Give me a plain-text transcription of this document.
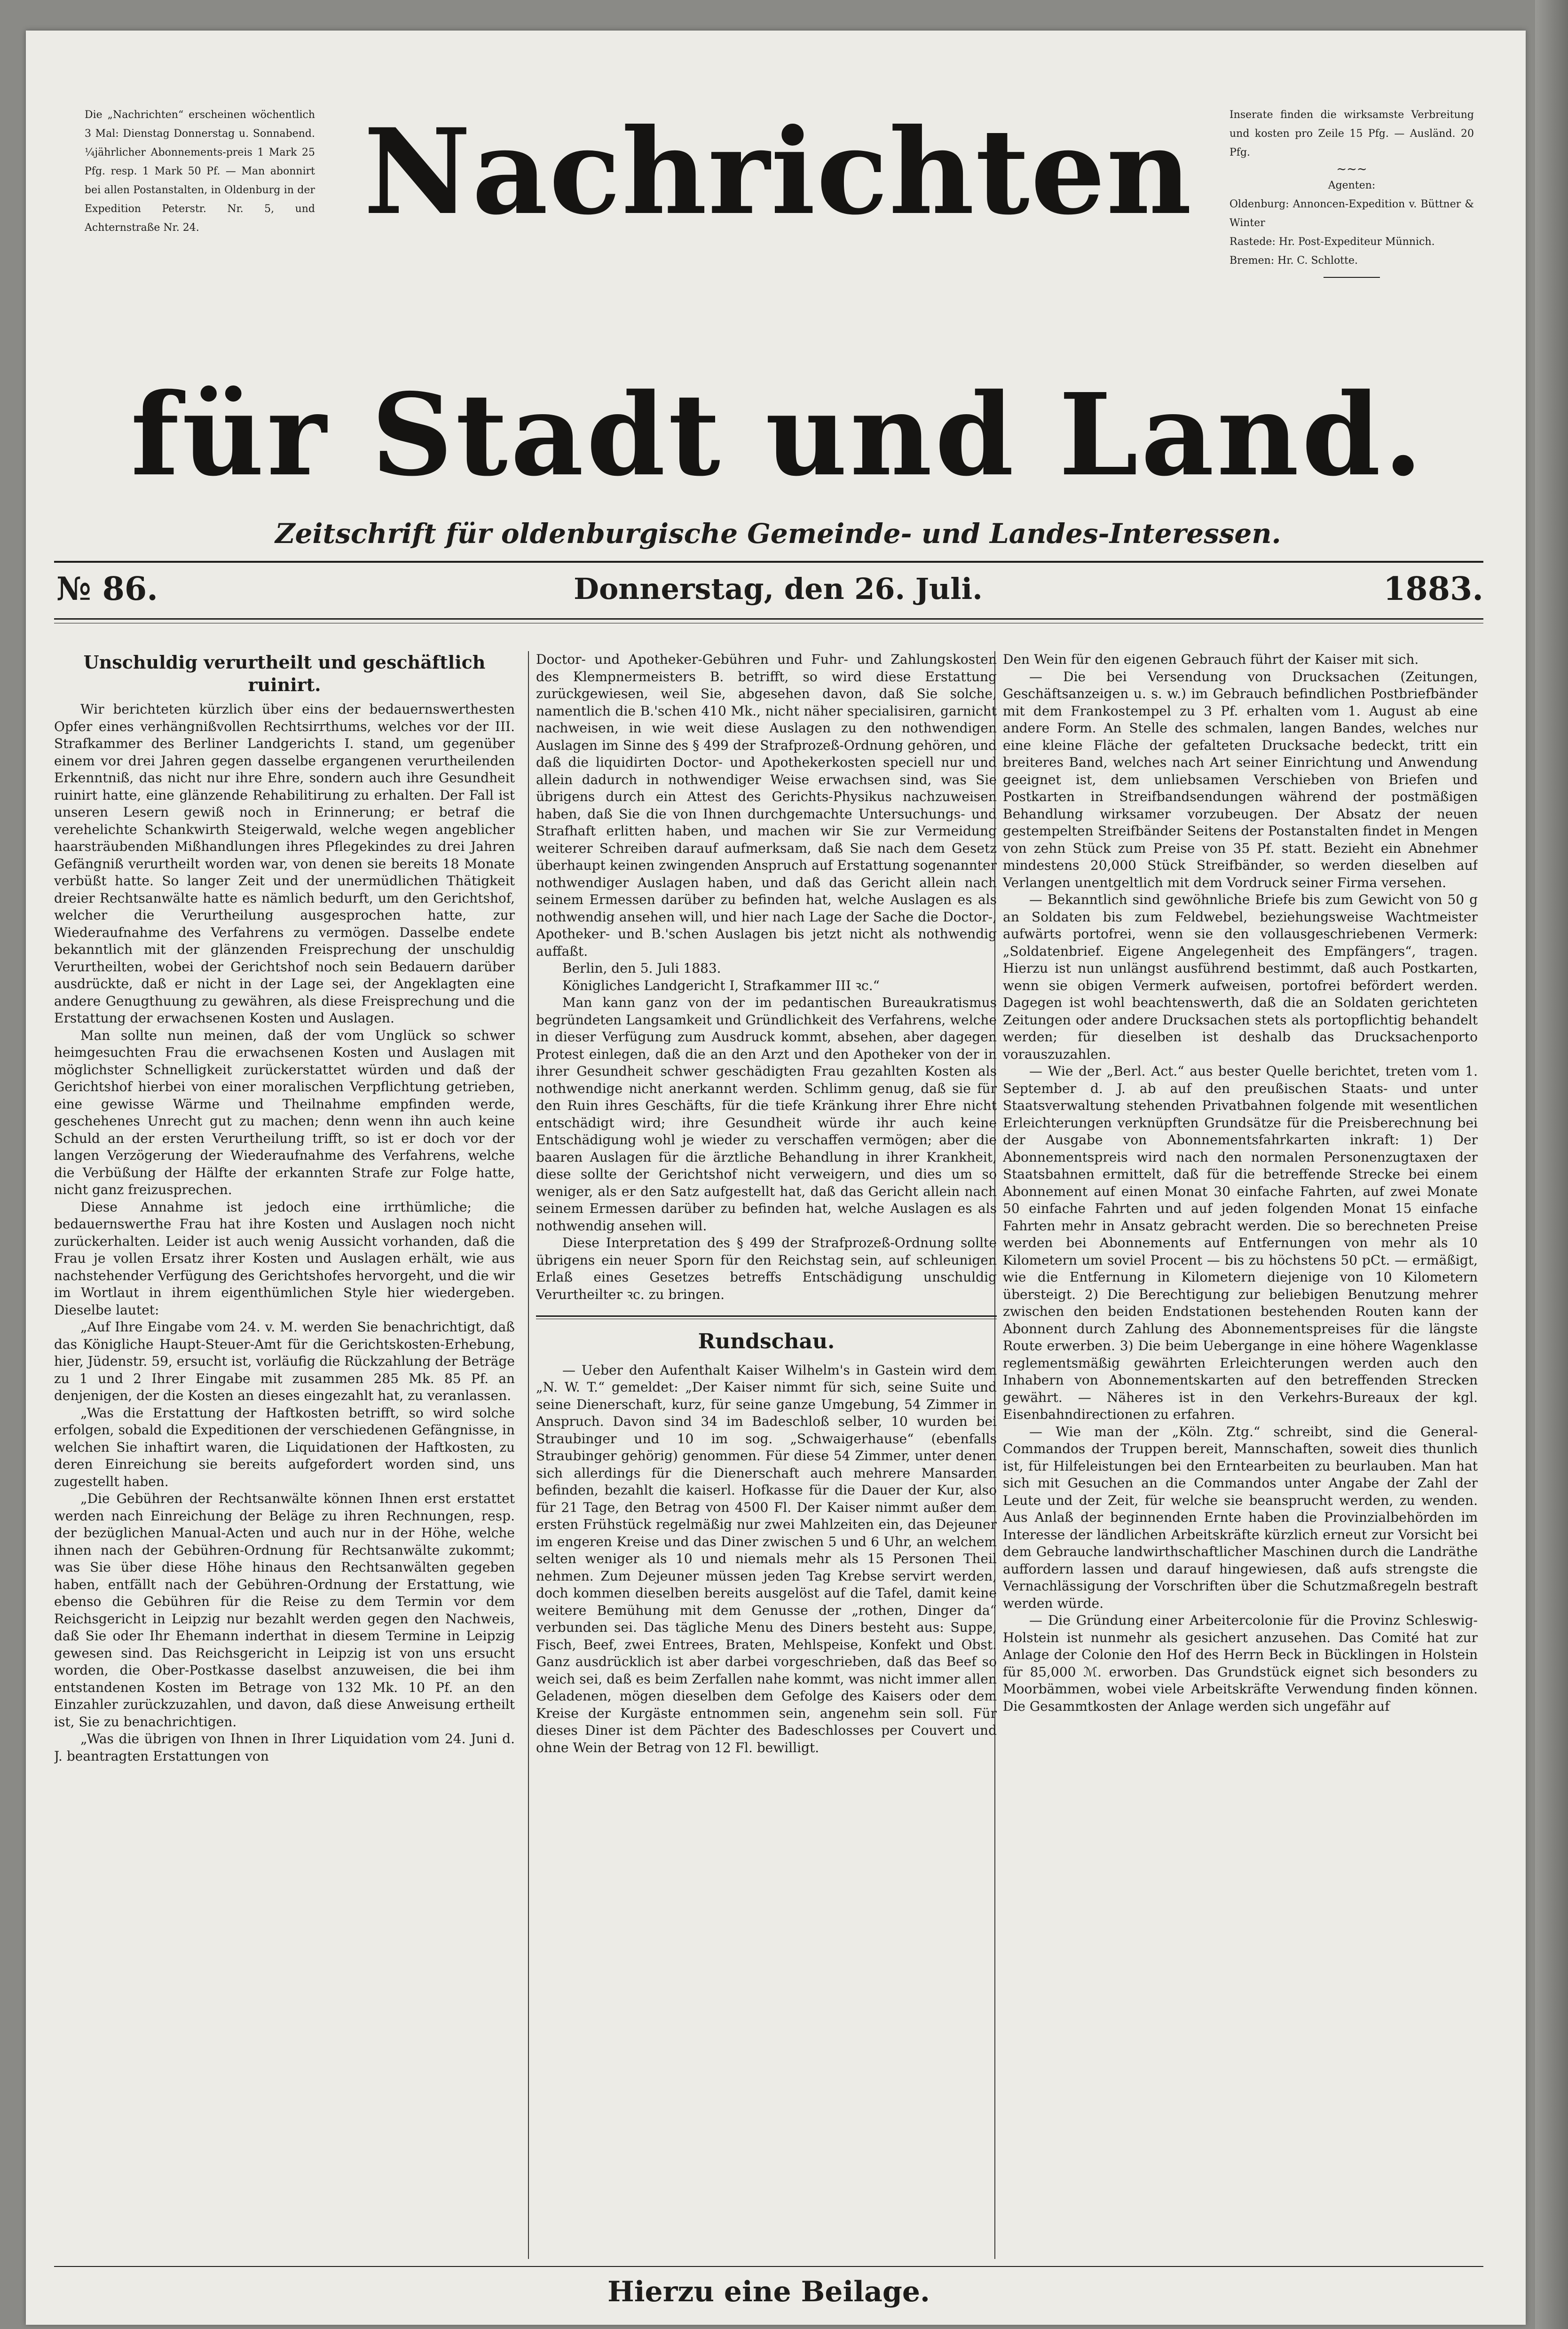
Die „Nachrichten“ erscheinen wöchentlich 3 Mal: Dienstag Donnerstag u. Sonnabend. ¼jährlicher Abonnements-preis 1 Mark 25 Pfg. resp. 1 Mark 50 Pf. — Man abonnirt bei allen Postanstalten, in Oldenburg in der Expedition Peterstr. Nr. 5, und Achternstraße Nr. 24.

Inserate finden die wirksamste Verbreitung und kosten pro Zeile 15 Pfg. — Ausländ. 20 Pfg.

~~~

Agenten:

Oldenburg: Annoncen-Expedition v. Büttner & Winter

Rastede: Hr. Post-Expediteur Münnich.

Bremen: Hr. C. Schlotte.

Nachrichten
für Stadt und Land.
Zeitschrift für oldenburgische Gemeinde- und Landes-Interessen.
№ 86.	Donnerstag, den 26. Juli.	1883.

Unschuldig verurtheilt und geschäftlich ruinirt.

Wir berichteten kürzlich über eins der bedauernswerthesten Opfer eines verhängnißvollen Rechtsirrthums, welches vor der III. Strafkammer des Berliner Landgerichts I. stand, um gegenüber einem vor drei Jahren gegen dasselbe ergangenen verurtheilenden Erkenntniß, das nicht nur ihre Ehre, sondern auch ihre Gesundheit ruinirt hatte, eine glänzende Rehabilitirung zu erhalten. Der Fall ist unseren Lesern gewiß noch in Erinnerung; er betraf die verehelichte Schankwirth Steigerwald, welche wegen angeblicher haarsträubenden Mißhandlungen ihres Pflegekindes zu drei Jahren Gefängniß verurtheilt worden war, von denen sie bereits 18 Monate verbüßt hatte. So langer Zeit und der unermüdlichen Thätigkeit dreier Rechtsanwälte hatte es nämlich bedurft, um den Gerichtshof, welcher die Verurtheilung ausgesprochen hatte, zur Wiederaufnahme des Verfahrens zu vermögen. Dasselbe endete bekanntlich mit der glänzenden Freisprechung der unschuldig Verurtheilten, wobei der Gerichtshof noch sein Bedauern darüber ausdrückte, daß er nicht in der Lage sei, der Angeklagten eine andere Genugthuung zu gewähren, als diese Freisprechung und die Erstattung der erwachsenen Kosten und Auslagen.

Man sollte nun meinen, daß der vom Unglück so schwer heimgesuchten Frau die erwachsenen Kosten und Auslagen mit möglichster Schnelligkeit zurückerstattet würden und daß der Gerichtshof hierbei von einer moralischen Verpflichtung getrieben, eine gewisse Wärme und Theilnahme empfinden werde, geschehenes Unrecht gut zu machen; denn wenn ihn auch keine Schuld an der ersten Verurtheilung trifft, so ist er doch vor der langen Verzögerung der Wiederaufnahme des Verfahrens, welche die Verbüßung der Hälfte der erkannten Strafe zur Folge hatte, nicht ganz freizusprechen.

Diese Annahme ist jedoch eine irrthümliche; die bedauernswerthe Frau hat ihre Kosten und Auslagen noch nicht zurückerhalten. Leider ist auch wenig Aussicht vorhanden, daß die Frau je vollen Ersatz ihrer Kosten und Auslagen erhält, wie aus nachstehender Verfügung des Gerichtshofes hervorgeht, und die wir im Wortlaut in ihrem eigenthümlichen Style hier wiedergeben. Dieselbe lautet:

„Auf Ihre Eingabe vom 24. v. M. werden Sie benachrichtigt, daß das Königliche Haupt-Steuer-Amt für die Gerichtskosten-Erhebung, hier, Jüdenstr. 59, ersucht ist, vorläufig die Rückzahlung der Beträge zu 1 und 2 Ihrer Eingabe mit zusammen 285 Mk. 85 Pf. an denjenigen, der die Kosten an dieses eingezahlt hat, zu veranlassen.

„Was die Erstattung der Haftkosten betrifft, so wird solche erfolgen, sobald die Expeditionen der verschiedenen Gefängnisse, in welchen Sie inhaftirt waren, die Liquidationen der Haftkosten, zu deren Einreichung sie bereits aufgefordert worden sind, uns zugestellt haben.

„Die Gebühren der Rechtsanwälte können Ihnen erst erstattet werden nach Einreichung der Beläge zu ihren Rechnungen, resp. der bezüglichen Manual-Acten und auch nur in der Höhe, welche ihnen nach der Gebühren-Ordnung für Rechtsanwälte zukommt; was Sie über diese Höhe hinaus den Rechtsanwälten gegeben haben, entfällt nach der Gebühren-Ordnung der Erstattung, wie ebenso die Gebühren für die Reise zu dem Termin vor dem Reichsgericht in Leipzig nur bezahlt werden gegen den Nachweis, daß Sie oder Ihr Ehemann inderthat in diesem Termine in Leipzig gewesen sind. Das Reichsgericht in Leipzig ist von uns ersucht worden, die Ober-Postkasse daselbst anzuweisen, die bei ihm entstandenen Kosten im Betrage von 132 Mk. 10 Pf. an den Einzahler zurückzuzahlen, und davon, daß diese Anweisung ertheilt ist, Sie zu benachrichtigen.

„Was die übrigen von Ihnen in Ihrer Liquidation vom 24. Juni d. J. beantragten Erstattungen von

Doctor- und Apotheker-Gebühren und Fuhr- und Zahlungskosten des Klempnermeisters B. betrifft, so wird diese Erstattung zurückgewiesen, weil Sie, abgesehen davon, daß Sie solche, namentlich die B.'schen 410 Mk., nicht näher specialisiren, garnicht nachweisen, in wie weit diese Auslagen zu den nothwendigen Auslagen im Sinne des § 499 der Strafprozeß-Ordnung gehören, und daß die liquidirten Doctor- und Apothekerkosten speciell nur und allein dadurch in nothwendiger Weise erwachsen sind, was Sie übrigens durch ein Attest des Gerichts-Physikus nachzuweisen haben, daß Sie die von Ihnen durchgemachte Untersuchungs- und Strafhaft erlitten haben, und machen wir Sie zur Vermeidung weiterer Schreiben darauf aufmerksam, daß Sie nach dem Gesetz überhaupt keinen zwingenden Anspruch auf Erstattung sogenannter nothwendiger Auslagen haben, und daß das Gericht allein nach seinem Ermessen darüber zu befinden hat, welche Auslagen es als nothwendig ansehen will, und hier nach Lage der Sache die Doctor-, Apotheker- und B.'schen Auslagen bis jetzt nicht als nothwendig auffaßt.

Berlin, den 5. Juli 1883.

Königliches Landgericht I, Strafkammer III ꝛc.“

Man kann ganz von der im pedantischen Bureaukratismus begründeten Langsamkeit und Gründlichkeit des Verfahrens, welche in dieser Verfügung zum Ausdruck kommt, absehen, aber dagegen Protest einlegen, daß die an den Arzt und den Apotheker von der in ihrer Gesundheit schwer geschädigten Frau gezahlten Kosten als nothwendige nicht anerkannt werden. Schlimm genug, daß sie für den Ruin ihres Geschäfts, für die tiefe Kränkung ihrer Ehre nicht entschädigt wird; ihre Gesundheit würde ihr auch keine Entschädigung wohl je wieder zu verschaffen vermögen; aber die baaren Auslagen für die ärztliche Behandlung in ihrer Krankheit, diese sollte der Gerichtshof nicht verweigern, und dies um so weniger, als er den Satz aufgestellt hat, daß das Gericht allein nach seinem Ermessen darüber zu befinden hat, welche Auslagen es als nothwendig ansehen will.

Diese Interpretation des § 499 der Strafprozeß-Ordnung sollte übrigens ein neuer Sporn für den Reichstag sein, auf schleunigen Erlaß eines Gesetzes betreffs Entschädigung unschuldig Verurtheilter ꝛc. zu bringen.

Rundschau.

— Ueber den Aufenthalt Kaiser Wilhelm's in Gastein wird dem „N. W. T.“ gemeldet: „Der Kaiser nimmt für sich, seine Suite und seine Dienerschaft, kurz, für seine ganze Umgebung, 54 Zimmer in Anspruch. Davon sind 34 im Badeschloß selber, 10 wurden bei Straubinger und 10 im sog. „Schwaigerhause“ (ebenfalls Straubinger gehörig) genommen. Für diese 54 Zimmer, unter denen sich allerdings für die Dienerschaft auch mehrere Mansarden befinden, bezahlt die kaiserl. Hofkasse für die Dauer der Kur, also für 21 Tage, den Betrag von 4500 Fl. Der Kaiser nimmt außer dem ersten Frühstück regelmäßig nur zwei Mahlzeiten ein, das Dejeuner im engeren Kreise und das Diner zwischen 5 und 6 Uhr, an welchem selten weniger als 10 und niemals mehr als 15 Personen Theil nehmen. Zum Dejeuner müssen jeden Tag Krebse servirt werden, doch kommen dieselben bereits ausgelöst auf die Tafel, damit keine weitere Bemühung mit dem Genusse der „rothen, Dinger da“ verbunden sei. Das tägliche Menu des Diners besteht aus: Suppe, Fisch, Beef, zwei Entrees, Braten, Mehlspeise, Konfekt und Obst. Ganz ausdrücklich ist aber darbei vorgeschrieben, daß das Beef so weich sei, daß es beim Zerfallen nahe kommt, was nicht immer allen Geladenen, mögen dieselben dem Gefolge des Kaisers oder dem Kreise der Kurgäste entnommen sein, angenehm sein soll. Für dieses Diner ist dem Pächter des Badeschlosses per Couvert und ohne Wein der Betrag von 12 Fl. bewilligt.

Den Wein für den eigenen Gebrauch führt der Kaiser mit sich.

— Die bei Versendung von Drucksachen (Zeitungen, Geschäftsanzeigen u. s. w.) im Gebrauch befindlichen Postbriefbänder mit dem Frankostempel zu 3 Pf. erhalten vom 1. August ab eine andere Form. An Stelle des schmalen, langen Bandes, welches nur eine kleine Fläche der gefalteten Drucksache bedeckt, tritt ein breiteres Band, welches nach Art seiner Einrichtung und Anwendung geeignet ist, dem unliebsamen Verschieben von Briefen und Postkarten in Streifbandsendungen während der postmäßigen Behandlung wirksamer vorzubeugen. Der Absatz der neuen gestempelten Streifbänder Seitens der Postanstalten findet in Mengen von zehn Stück zum Preise von 35 Pf. statt. Bezieht ein Abnehmer mindestens 20,000 Stück Streifbänder, so werden dieselben auf Verlangen unentgeltlich mit dem Vordruck seiner Firma versehen.

— Bekanntlich sind gewöhnliche Briefe bis zum Gewicht von 50 g an Soldaten bis zum Feldwebel, beziehungsweise Wachtmeister aufwärts portofrei, wenn sie den vollausgeschriebenen Vermerk: „Soldatenbrief. Eigene Angelegenheit des Empfängers“, tragen. Hierzu ist nun unlängst ausführend bestimmt, daß auch Postkarten, wenn sie obigen Vermerk aufweisen, portofrei befördert werden. Dagegen ist wohl beachtenswerth, daß die an Soldaten gerichteten Zeitungen oder andere Drucksachen stets als portopflichtig behandelt werden; für dieselben ist deshalb das Drucksachenporto vorauszuzahlen.

— Wie der „Berl. Act.“ aus bester Quelle berichtet, treten vom 1. September d. J. ab auf den preußischen Staats- und unter Staatsverwaltung stehenden Privatbahnen folgende mit wesentlichen Erleichterungen verknüpften Grundsätze für die Preisberechnung bei der Ausgabe von Abonnementsfahrkarten inkraft: 1) Der Abonnementspreis wird nach den normalen Personenzugtaxen der Staatsbahnen ermittelt, daß für die betreffende Strecke bei einem Abonnement auf einen Monat 30 einfache Fahrten, auf zwei Monate 50 einfache Fahrten und auf jeden folgenden Monat 15 einfache Fahrten mehr in Ansatz gebracht werden. Die so berechneten Preise werden bei Abonnements auf Entfernungen von mehr als 10 Kilometern um soviel Procent — bis zu höchstens 50 pCt. — ermäßigt, wie die Entfernung in Kilometern diejenige von 10 Kilometern übersteigt. 2) Die Berechtigung zur beliebigen Benutzung mehrer zwischen den beiden Endstationen bestehenden Routen kann der Abonnent durch Zahlung des Abonnementspreises für die längste Route erwerben. 3) Die beim Uebergange in eine höhere Wagenklasse reglementsmäßig gewährten Erleichterungen werden auch den Inhabern von Abonnementskarten auf den betreffenden Strecken gewährt. — Näheres ist in den Verkehrs-Bureaux der kgl. Eisenbahndirectionen zu erfahren.

— Wie man der „Köln. Ztg.“ schreibt, sind die General-Commandos der Truppen bereit, Mannschaften, soweit dies thunlich ist, für Hilfeleistungen bei den Erntearbeiten zu beurlauben. Man hat sich mit Gesuchen an die Commandos unter Angabe der Zahl der Leute und der Zeit, für welche sie beansprucht werden, zu wenden. Aus Anlaß der beginnenden Ernte haben die Provinzialbehörden im Interesse der ländlichen Arbeitskräfte kürzlich erneut zur Vorsicht bei dem Gebrauche landwirthschaftlicher Maschinen durch die Landräthe auffordern lassen und darauf hingewiesen, daß aufs strengste die Vernachlässigung der Vorschriften über die Schutzmaßregeln bestraft werden würde.

— Die Gründung einer Arbeitercolonie für die Provinz Schleswig-Holstein ist nunmehr als gesichert anzusehen. Das Comité hat zur Anlage der Colonie den Hof des Herrn Beck in Bücklingen in Holstein für 85,000 ℳ. erworben. Das Grundstück eignet sich besonders zu Moorbämmen, wobei viele Arbeitskräfte Verwendung finden können. Die Gesammtkosten der Anlage werden sich ungefähr auf

Hierzu eine Beilage.
